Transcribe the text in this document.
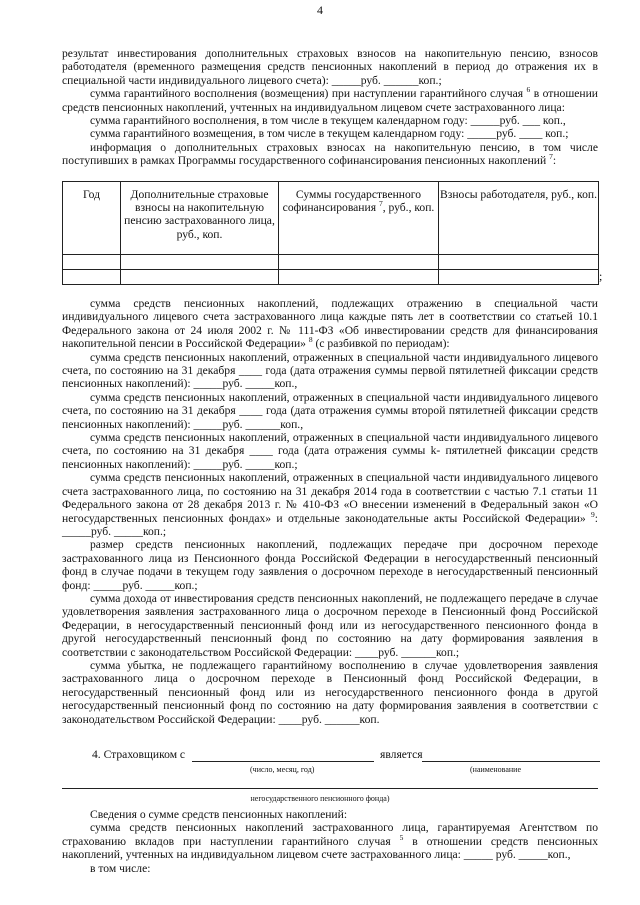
4

результат инвестирования дополнительных страховых взносов на накопительную пенсию, взносов работодателя (временного размещения средств пенсионных накоплений в период до отражения их в специальной части индивидуального лицевого счета): _____руб. ______коп.;

сумма гарантийного восполнения (возмещения) при наступлении гарантийного случая $^6$ в отношении средств пенсионных накоплений, учтенных на индивидуальном лицевом счете застрахованного лица:

сумма гарантийного восполнения, в том числе в текущем календарном году: _____руб. ___ коп.,

сумма гарантийного возмещения, в том числе в текущем календарном году: _____руб. ____ коп.;

информация о дополнительных страховых взносах на накопительную пенсию, в том числе поступивших в рамках Программы государственного софинансирования пенсионных накоплений $^7$:

Год	Дополнительные страховые взносы на накопительную пенсию застрахованного лица, руб., коп.	Суммы государственного софинансирования $^7$, руб., коп.	Взносы работодателя, руб., коп.

;

сумма средств пенсионных накоплений, подлежащих отражению в специальной части индивидуального лицевого счета застрахованного лица каждые пять лет в соответствии со статьей 10.1 Федерального закона от 24 июля 2002 г. № 111-ФЗ «Об инвестировании средств для финансирования накопительной пенсии в Российской Федерации» $^8$ (с разбивкой по периодам):

сумма средств пенсионных накоплений, отраженных в специальной части индивидуального лицевого счета, по состоянию на 31 декабря ____ года (дата отражения суммы первой пятилетней фиксации средств пенсионных накоплений): _____руб. _____коп.,

сумма средств пенсионных накоплений, отраженных в специальной части индивидуального лицевого счета, по состоянию на 31 декабря ____ года (дата отражения суммы второй пятилетней фиксации средств пенсионных накоплений): _____руб. ______коп.,

сумма средств пенсионных накоплений, отраженных в специальной части индивидуального лицевого счета, по состоянию на 31 декабря ____ года (дата отражения суммы k- пятилетней фиксации средств пенсионных накоплений): _____руб. _____коп.;

сумма средств пенсионных накоплений, отраженных в специальной части индивидуального лицевого счета застрахованного лица, по состоянию на 31 декабря 2014 года в соответствии с частью 7.1 статьи 11 Федерального закона от 28 декабря 2013 г. № 410-ФЗ «О внесении изменений в Федеральный закон «О негосударственных пенсионных фондах» и отдельные законодательные акты Российской Федерации» $^9$: _____руб. _____коп.;

размер средств пенсионных накоплений, подлежащих передаче при досрочном переходе застрахованного лица из Пенсионного фонда Российской Федерации в негосударственный пенсионный фонд в случае подачи в текущем году заявления о досрочном переходе в негосударственный пенсионный фонд: _____руб. _____коп.;

сумма дохода от инвестирования средств пенсионных накоплений, не подлежащего передаче в случае удовлетворения заявления застрахованного лица о досрочном переходе в Пенсионный фонд Российской Федерации, в негосударственный пенсионный фонд или из негосударственного пенсионного фонда в другой негосударственный пенсионный фонд по состоянию на дату формирования заявления в соответствии с законодательством Российской Федерации: ____руб. ______коп.;

сумма убытка, не подлежащего гарантийному восполнению в случае удовлетворения заявления застрахованного лица о досрочном переходе в Пенсионный фонд Российской Федерации, в негосударственный пенсионный фонд или из негосударственного пенсионного фонда в другой негосударственный пенсионный фонд по состоянию на дату формирования заявления в соответствии с законодательством Российской Федерации: ____руб. ______коп.

4. Страховщиком с	является
(число, месяц, год)	(наименование
негосударственного пенсионного фонда)

Сведения о сумме средств пенсионных накоплений:

сумма средств пенсионных накоплений застрахованного лица, гарантируемая Агентством по страхованию вкладов при наступлении гарантийного случая $^5$ в отношении средств пенсионных накоплений, учтенных на индивидуальном лицевом счете застрахованного лица: _____ руб. _____коп.,

в том числе:
